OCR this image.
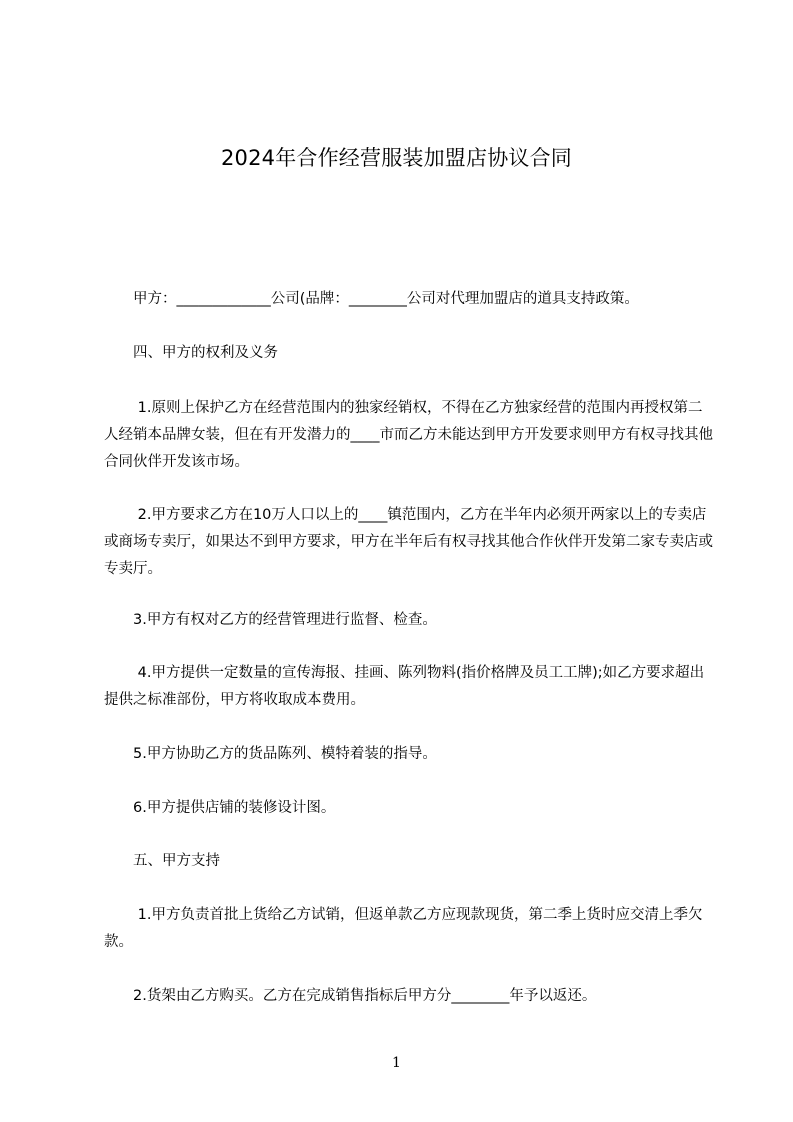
2024年合作经营服装加盟店协议合同
　　甲方：_____________公司(品牌：________公司对代理加盟店的道具支持政策。
　　四、甲方的权利及义务
　　 1.原则上保护乙方在经营范围内的独家经销权，不得在乙方独家经营的范围内再授权第二人经销本品牌女装，但在有开发潜力的____市而乙方未能达到甲方开发要求则甲方有权寻找其他合同伙伴开发该市场。
　　 2.甲方要求乙方在10万人口以上的____镇范围内，乙方在半年内必须开两家以上的专卖店或商场专卖厅，如果达不到甲方要求，甲方在半年后有权寻找其他合作伙伴开发第二家专卖店或专卖厅。
　　3.甲方有权对乙方的经营管理进行监督、检查。
　　 4.甲方提供一定数量的宣传海报、挂画、陈列物料(指价格牌及员工工牌);如乙方要求超出提供之标准部份，甲方将收取成本费用。
　　5.甲方协助乙方的货品陈列、模特着装的指导。
　　6.甲方提供店铺的装修设计图。
　　五、甲方支持
　　 1.甲方负责首批上货给乙方试销，但返单款乙方应现款现货，第二季上货时应交清上季欠款。
　　2.货架由乙方购买。乙方在完成销售指标后甲方分________年予以返还。
1
